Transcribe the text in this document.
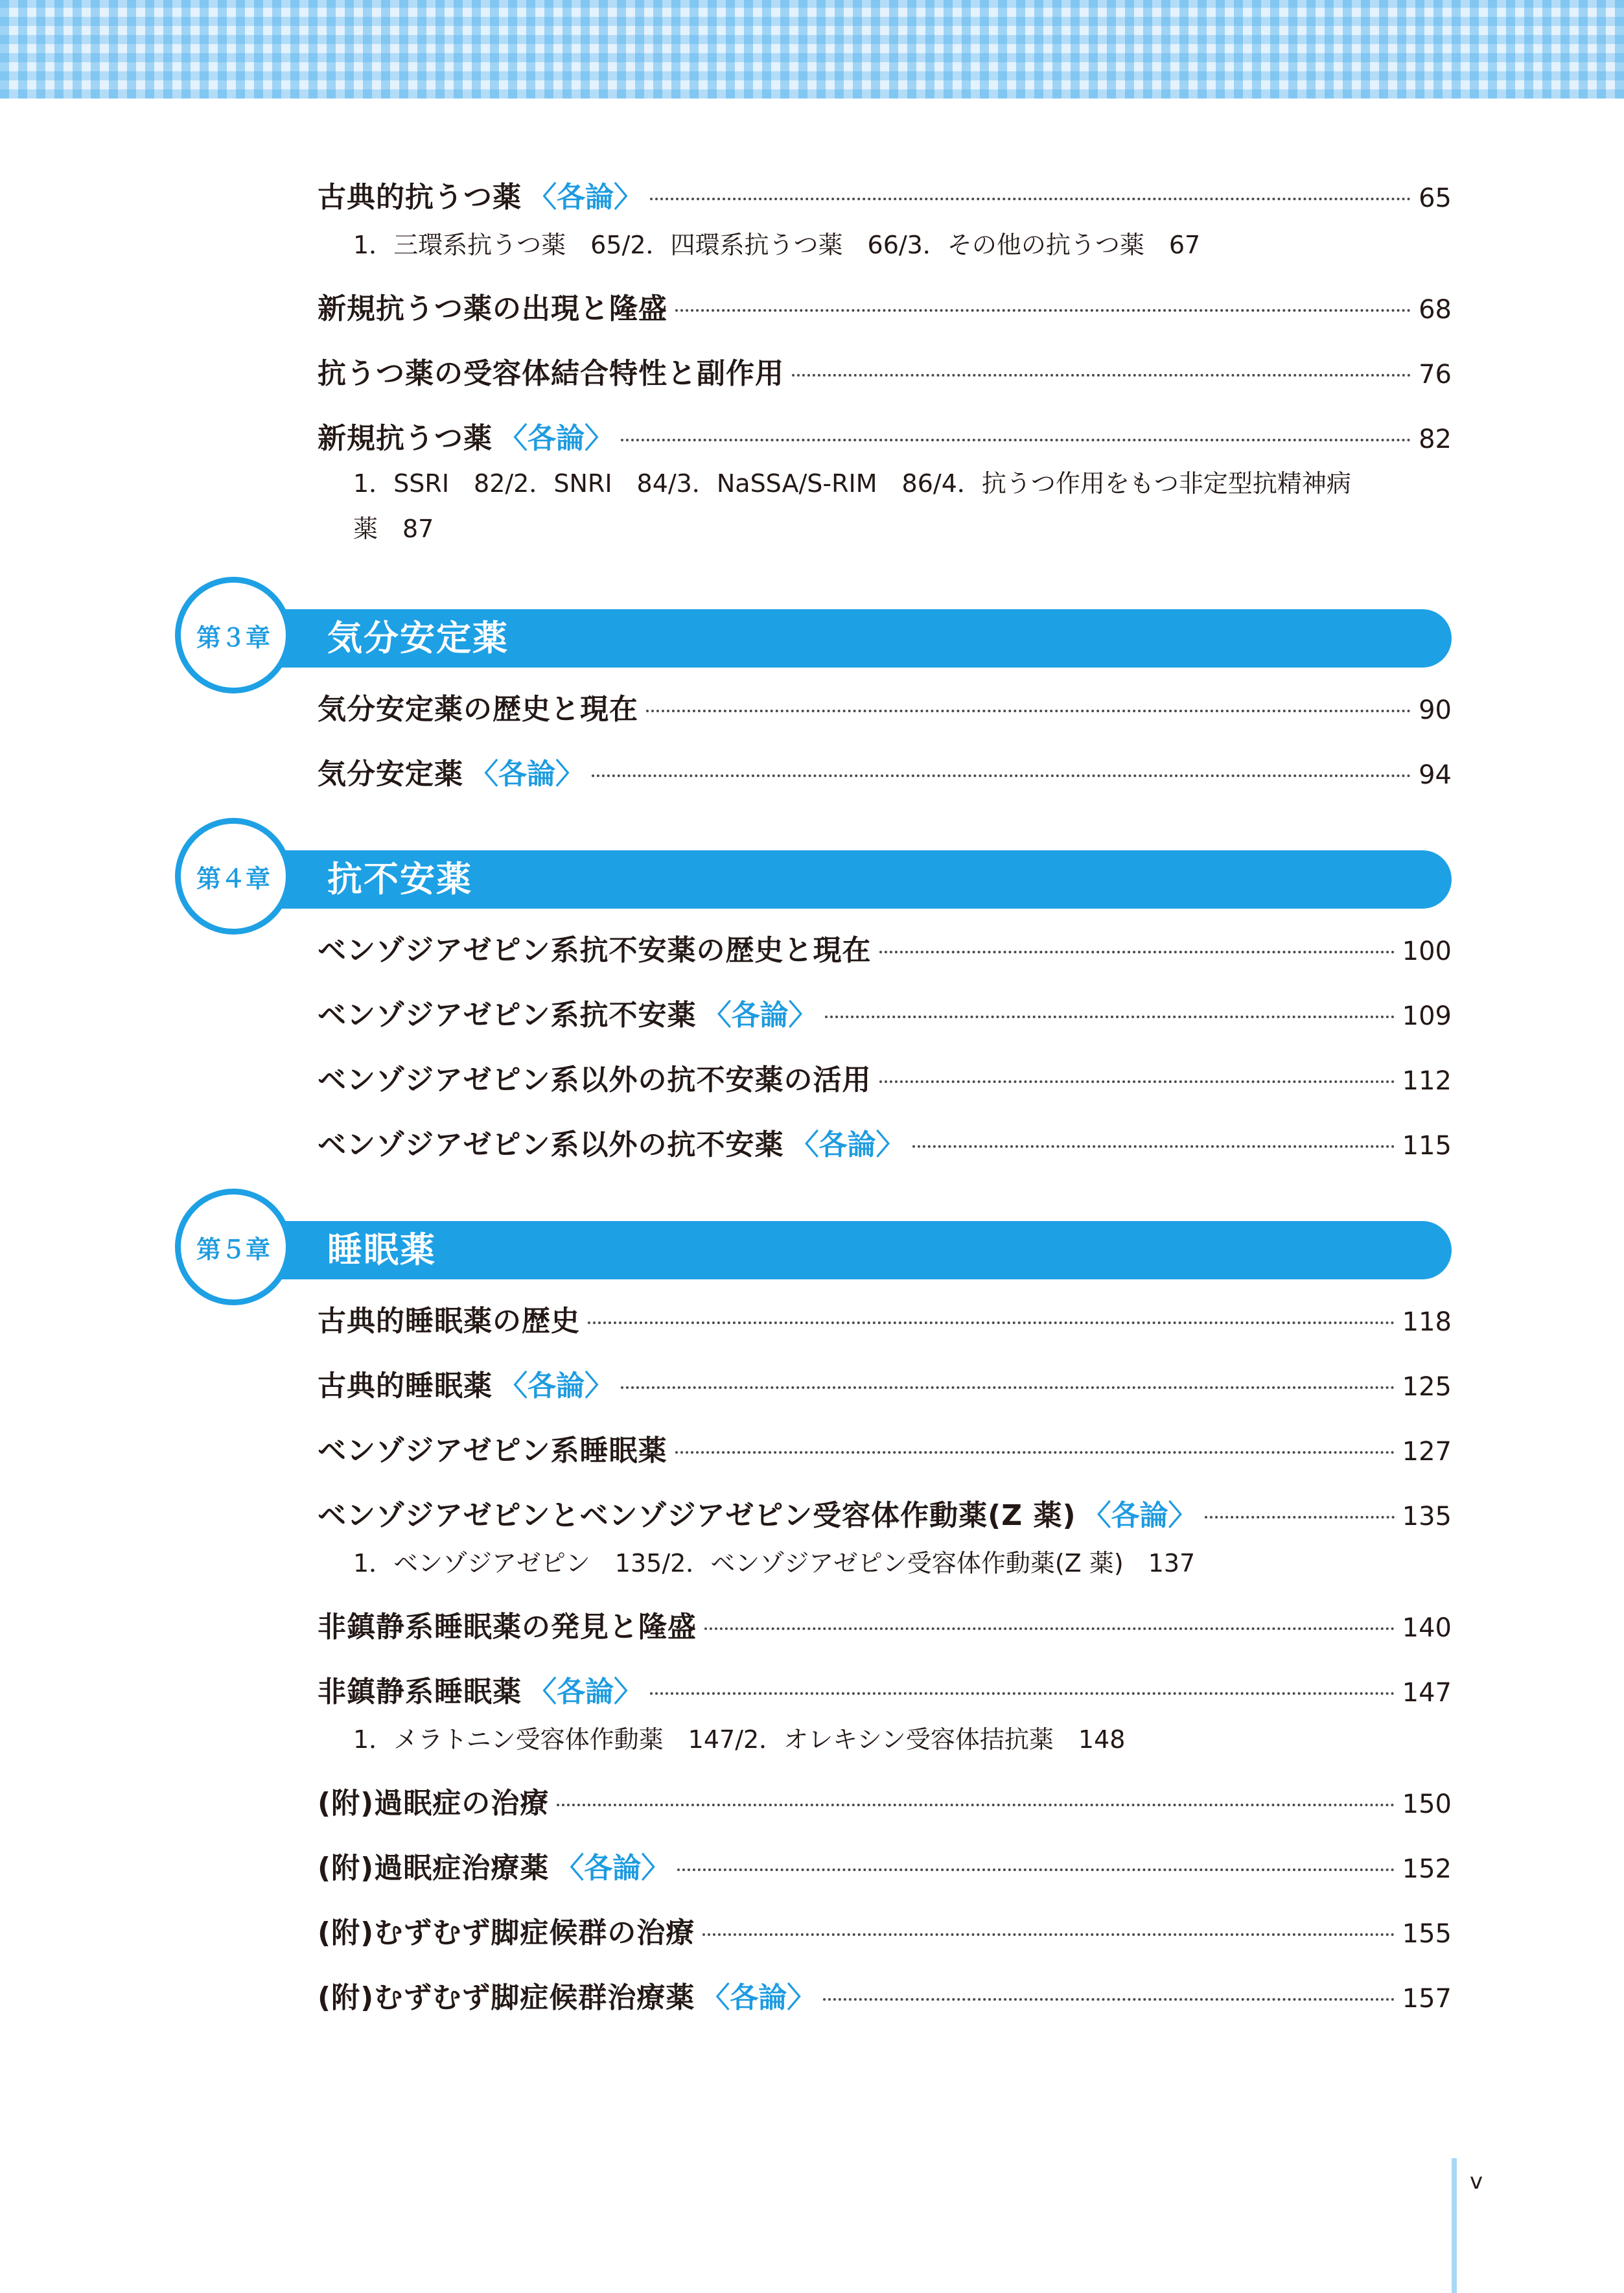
古典的抗うつ薬 〈各論〉	65
1．三環系抗うつ薬　65/2．四環系抗うつ薬　66/3．その他の抗うつ薬　67
新規抗うつ薬の出現と隆盛	68
抗うつ薬の受容体結合特性と副作用	76
新規抗うつ薬 〈各論〉	82
1．SSRI　82/2．SNRI　84/3．NaSSA/S-RIM　86/4．抗うつ作用をもつ非定型抗精神病
薬　87
気分安定薬
第３章
気分安定薬の歴史と現在	90
気分安定薬 〈各論〉	94
抗不安薬
第４章
ベンゾジアゼピン系抗不安薬の歴史と現在	100
ベンゾジアゼピン系抗不安薬 〈各論〉	109
ベンゾジアゼピン系以外の抗不安薬の活用	112
ベンゾジアゼピン系以外の抗不安薬 〈各論〉	115
睡眠薬
第５章
古典的睡眠薬の歴史	118
古典的睡眠薬 〈各論〉	125
ベンゾジアゼピン系睡眠薬	127
ベンゾジアゼピンとベンゾジアゼピン受容体作動薬(Z 薬) 〈各論〉	135
1．ベンゾジアゼピン　135/2．ベンゾジアゼピン受容体作動薬(Z 薬)　137
非鎮静系睡眠薬の発見と隆盛	140
非鎮静系睡眠薬 〈各論〉	147
1．メラトニン受容体作動薬　147/2．オレキシン受容体拮抗薬　148
(附)過眠症の治療	150
(附)過眠症治療薬 〈各論〉	152
(附)むずむず脚症候群の治療	155
(附)むずむず脚症候群治療薬 〈各論〉	157
v
